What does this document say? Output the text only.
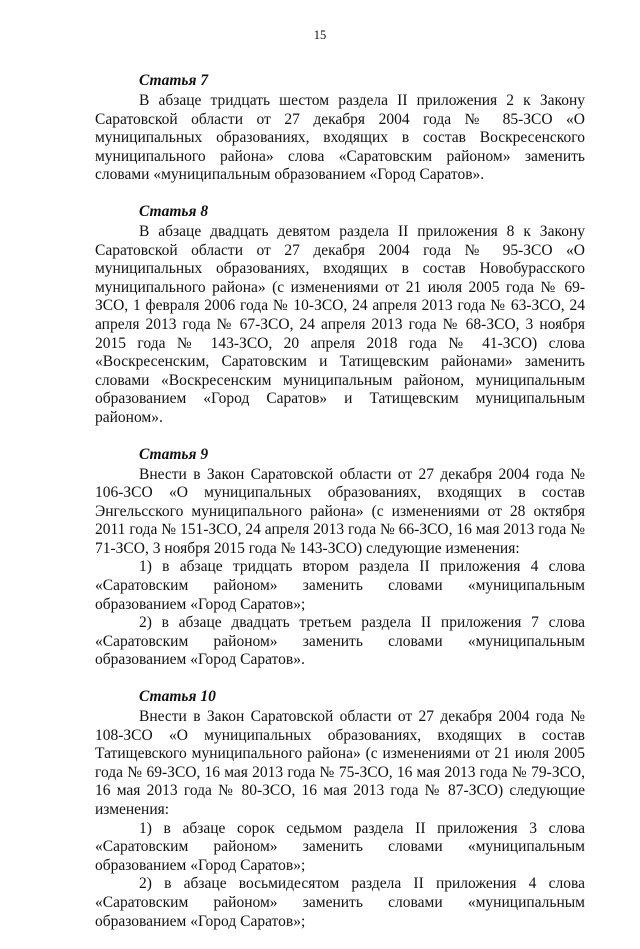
15
Статья 7

В абзаце тридцать шестом раздела II приложения 2 к Закону Саратовской области от 27 декабря 2004 года № 85-ЗСО «О муниципальных образованиях, входящих в состав Воскресенского муниципального района» слова «Саратовским районом» заменить словами «муниципальным образованием «Город Саратов».

Статья 8

В абзаце двадцать девятом раздела II приложения 8 к Закону Саратовской области от 27 декабря 2004 года № 95-ЗСО «О муниципальных образованиях, входящих в состав Новобурасского муниципального района» (с изменениями от 21 июля 2005 года № 69-ЗСО, 1 февраля 2006 года № 10-ЗСО, 24 апреля 2013 года № 63-ЗСО, 24 апреля 2013 года № 67-ЗСО, 24 апреля 2013 года № 68-ЗСО, 3 ноября 2015 года № 143-ЗСО, 20 апреля 2018 года № 41-ЗСО) слова «Воскресенским, Саратовским и Татищевским районами» заменить словами «Воскресенским муниципальным районом, муниципальным образованием «Город Саратов» и Татищевским муниципальным районом».

Статья 9

Внести в Закон Саратовской области от 27 декабря 2004 года № 106-ЗСО «О муниципальных образованиях, входящих в состав Энгельсского муниципального района» (с изменениями от 28 октября 2011 года № 151-ЗСО, 24 апреля 2013 года № 66-ЗСО, 16 мая 2013 года № 71-ЗСО, 3 ноября 2015 года № 143-ЗСО) следующие изменения:

1) в абзаце тридцать втором раздела II приложения 4 слова «Саратовским районом» заменить словами «муниципальным образованием «Город Саратов»;

2) в абзаце двадцать третьем раздела II приложения 7 слова «Саратовским районом» заменить словами «муниципальным образованием «Город Саратов».

Статья 10

Внести в Закон Саратовской области от 27 декабря 2004 года № 108-ЗСО «О муниципальных образованиях, входящих в состав Татищевского муниципального района» (с изменениями от 21 июля 2005 года № 69-ЗСО, 16 мая 2013 года № 75-ЗСО, 16 мая 2013 года № 79-ЗСО, 16 мая 2013 года № 80-ЗСО, 16 мая 2013 года № 87-ЗСО) следующие изменения:

1) в абзаце сорок седьмом раздела II приложения 3 слова «Саратовским районом» заменить словами «муниципальным образованием «Город Саратов»;

2) в абзаце восьмидесятом раздела II приложения 4 слова «Саратовским районом» заменить словами «муниципальным образованием «Город Саратов»;
